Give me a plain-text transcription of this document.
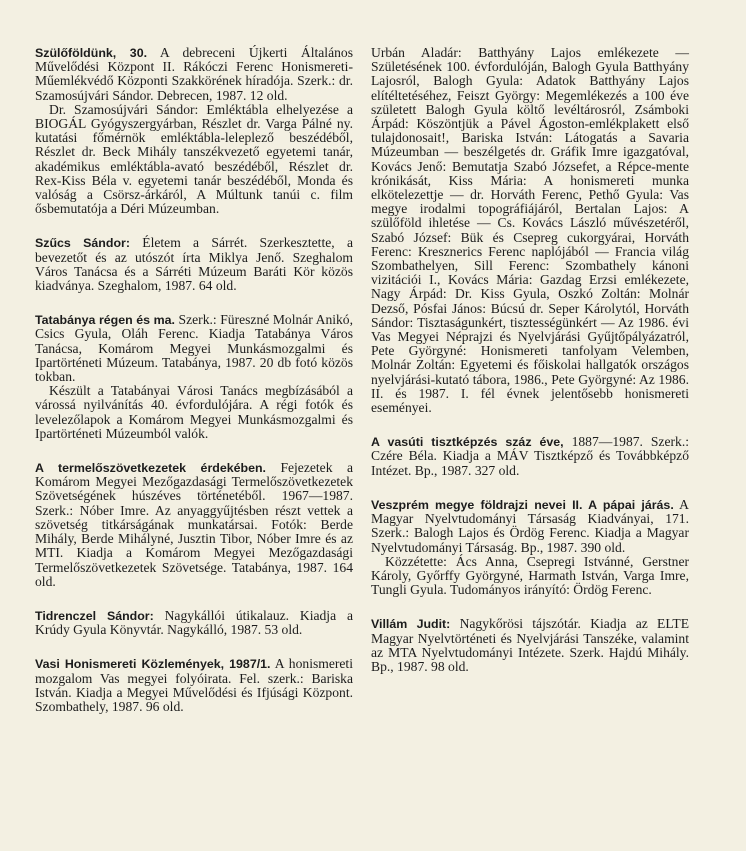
Szülőföldünk, 30. A debreceni Újkerti Általános Művelődési Központ II. Rákóczi Ferenc Honismereti-Műemlékvédő Központi Szakkörének híradója. Szerk.: dr. Szamosújvári Sándor. Debrecen, 1987. 12 old.

Dr. Szamosújvári Sándor: Emléktábla elhelyezése a BIOGÁL Gyógyszergyárban, Részlet dr. Varga Pálné ny. kutatási főmérnök emléktábla-leleplező beszédéből, Részlet dr. Beck Mihály tanszékvezető egyetemi tanár, akadémikus emléktábla-avató beszédéből, Részlet dr. Rex-Kiss Béla v. egyetemi tanár beszédéből, Monda és valóság a Csörsz-árkáról, A Múltunk tanúi c. film ősbemutatója a Déri Múzeumban.

Szűcs Sándor: Életem a Sárrét. Szerkesztette, a bevezetőt és az utószót írta Miklya Jenő. Szeghalom Város Tanácsa és a Sárréti Múzeum Baráti Kör közös kiadványa. Szeghalom, 1987. 64 old.

Tatabánya régen és ma. Szerk.: Füreszné Molnár Anikó, Csics Gyula, Oláh Ferenc. Kiadja Tatabánya Város Tanácsa, Komárom Megyei Munkásmozgalmi és Ipartörténeti Múzeum. Tatabánya, 1987. 20 db fotó közös tokban.

Készült a Tatabányai Városi Tanács megbízásából a várossá nyilvánítás 40. évfordulójára. A régi fotók és levelezőlapok a Komárom Megyei Munkásmozgalmi és Ipartörténeti Múzeumból valók.

A termelőszövetkezetek érdekében. Fejezetek a Komárom Megyei Mezőgazdasági Termelőszövetkezetek Szövetségének húszéves történetéből. 1967—1987. Szerk.: Nóber Imre. Az anyaggyűjtésben részt vettek a szövetség titkárságának munkatársai. Fotók: Berde Mihály, Berde Mihályné, Jusztin Tibor, Nóber Imre és az MTI. Kiadja a Komárom Megyei Mezőgazdasági Termelőszövetkezetek Szövetsége. Tatabánya, 1987. 164 old.

Tidrenczel Sándor: Nagykállói útikalauz. Kiadja a Krúdy Gyula Könyvtár. Nagykálló, 1987. 53 old.

Vasi Honismereti Közlemények, 1987/1. A honismereti mozgalom Vas megyei folyóirata. Fel. szerk.: Bariska István. Kiadja a Megyei Művelődési és Ifjúsági Központ. Szombathely, 1987. 96 old.

Urbán Aladár: Batthyány Lajos emlékezete — Születésének 100. évfordulóján, Balogh Gyula Batthyány Lajosról, Balogh Gyula: Adatok Batthyány Lajos elítéltetéséhez, Feiszt György: Megemlékezés a 100 éve született Balogh Gyula költő levéltárosról, Zsámboki Árpád: Köszöntjük a Pável Ágoston-emlékplakett első tulajdonosait!, Bariska István: Látogatás a Savaria Múzeumban — beszélgetés dr. Gráfik Imre igazgatóval, Kovács Jenő: Bemutatja Szabó Józsefet, a Répce-mente krónikását, Kiss Mária: A honismereti munka elkötelezettje — dr. Horváth Ferenc, Pethő Gyula: Vas megye irodalmi topográfiájáról, Bertalan Lajos: A szülőföld ihletése — Cs. Kovács László művészetéről, Szabó József: Bük és Csepreg cukorgyárai, Horváth Ferenc: Kresznerics Ferenc naplójából — Francia világ Szombathelyen, Sill Ferenc: Szombathely kánoni vizitációi I., Kovács Mária: Gazdag Erzsi emlékezete, Nagy Árpád: Dr. Kiss Gyula, Oszkó Zoltán: Molnár Dezső, Pósfai János: Búcsú dr. Seper Károlytól, Horváth Sándor: Tisztaságunkért, tisztességünkért — Az 1986. évi Vas Megyei Néprajzi és Nyelvjárási Gyűjtőpályázatról, Pete Györgyné: Honismereti tanfolyam Velemben, Molnár Zoltán: Egyetemi és főiskolai hallgatók országos nyelvjárási-kutató tábora, 1986., Pete Györgyné: Az 1986. II. és 1987. I. fél évnek jelentősebb honismereti eseményei.

A vasúti tisztképzés száz éve, 1887—1987. Szerk.: Czére Béla. Kiadja a MÁV Tisztképző és Továbbképző Intézet. Bp., 1987. 327 old.

Veszprém megye földrajzi nevei II. A pápai járás. A Magyar Nyelvtudományi Társaság Kiadványai, 171. Szerk.: Balogh Lajos és Ördög Ferenc. Kiadja a Magyar Nyelvtudományi Társaság. Bp., 1987. 390 old.

Közzétette: Ács Anna, Csepregi Istvánné, Gerstner Károly, Győrffy Györgyné, Harmath István, Varga Imre, Tungli Gyula. Tudományos irányító: Ördög Ferenc.

Villám Judit: Nagykőrösi tájszótár. Kiadja az ELTE Magyar Nyelvtörténeti és Nyelvjárási Tanszéke, valamint az MTA Nyelvtudományi Intézete. Szerk. Hajdú Mihály. Bp., 1987. 98 old.
